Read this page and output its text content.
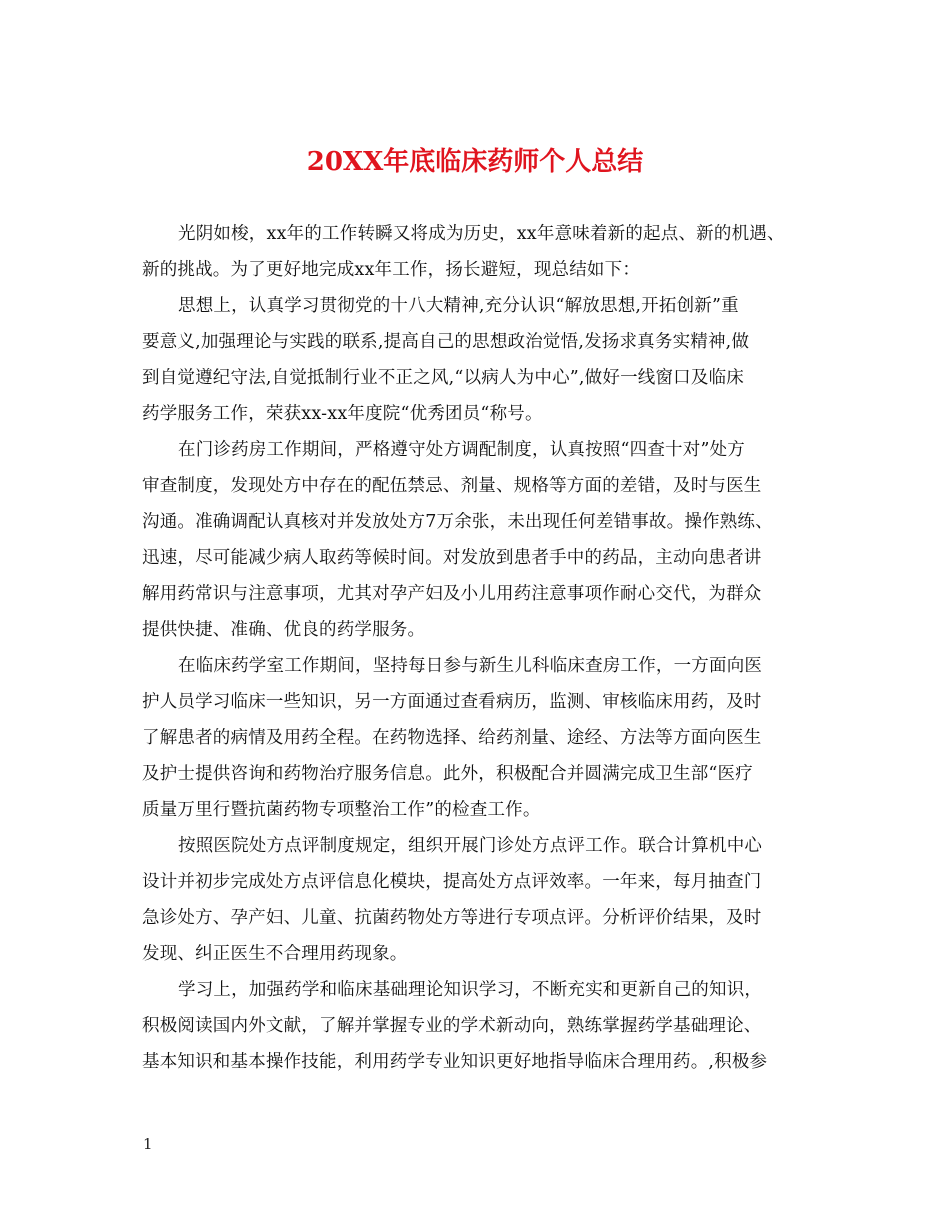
20XX年底临床药师个人总结
光阴如梭，xx年的工作转瞬又将成为历史，xx年意味着新的起点、新的机遇、
新的挑战。为了更好地完成xx年工作，扬长避短，现总结如下：
思想上，认真学习贯彻党的十八大精神,充分认识“解放思想,开拓创新”重
要意义,加强理论与实践的联系,提高自己的思想政治觉悟,发扬求真务实精神,做
到自觉遵纪守法,自觉抵制行业不正之风,“以病人为中心”,做好一线窗口及临床
药学服务工作，荣获xx-xx年度院“优秀团员“称号。
在门诊药房工作期间，严格遵守处方调配制度，认真按照“四查十对”处方
审查制度，发现处方中存在的配伍禁忌、剂量、规格等方面的差错，及时与医生
沟通。准确调配认真核对并发放处方7万余张，未出现任何差错事故。操作熟练、
迅速，尽可能减少病人取药等候时间。对发放到患者手中的药品，主动向患者讲
解用药常识与注意事项，尤其对孕产妇及小儿用药注意事项作耐心交代，为群众
提供快捷、准确、优良的药学服务。
在临床药学室工作期间，坚持每日参与新生儿科临床查房工作，一方面向医
护人员学习临床一些知识，另一方面通过查看病历，监测、审核临床用药，及时
了解患者的病情及用药全程。在药物选择、给药剂量、途经、方法等方面向医生
及护士提供咨询和药物治疗服务信息。此外，积极配合并圆满完成卫生部“医疗
质量万里行暨抗菌药物专项整治工作”的检查工作。
按照医院处方点评制度规定，组织开展门诊处方点评工作。联合计算机中心
设计并初步完成处方点评信息化模块，提高处方点评效率。一年来，每月抽查门
急诊处方、孕产妇、儿童、抗菌药物处方等进行专项点评。分析评价结果，及时
发现、纠正医生不合理用药现象。
学习上，加强药学和临床基础理论知识学习，不断充实和更新自己的知识，
积极阅读国内外文献，了解并掌握专业的学术新动向，熟练掌握药学基础理论、
基本知识和基本操作技能，利用药学专业知识更好地指导临床合理用药。,积极参
1
